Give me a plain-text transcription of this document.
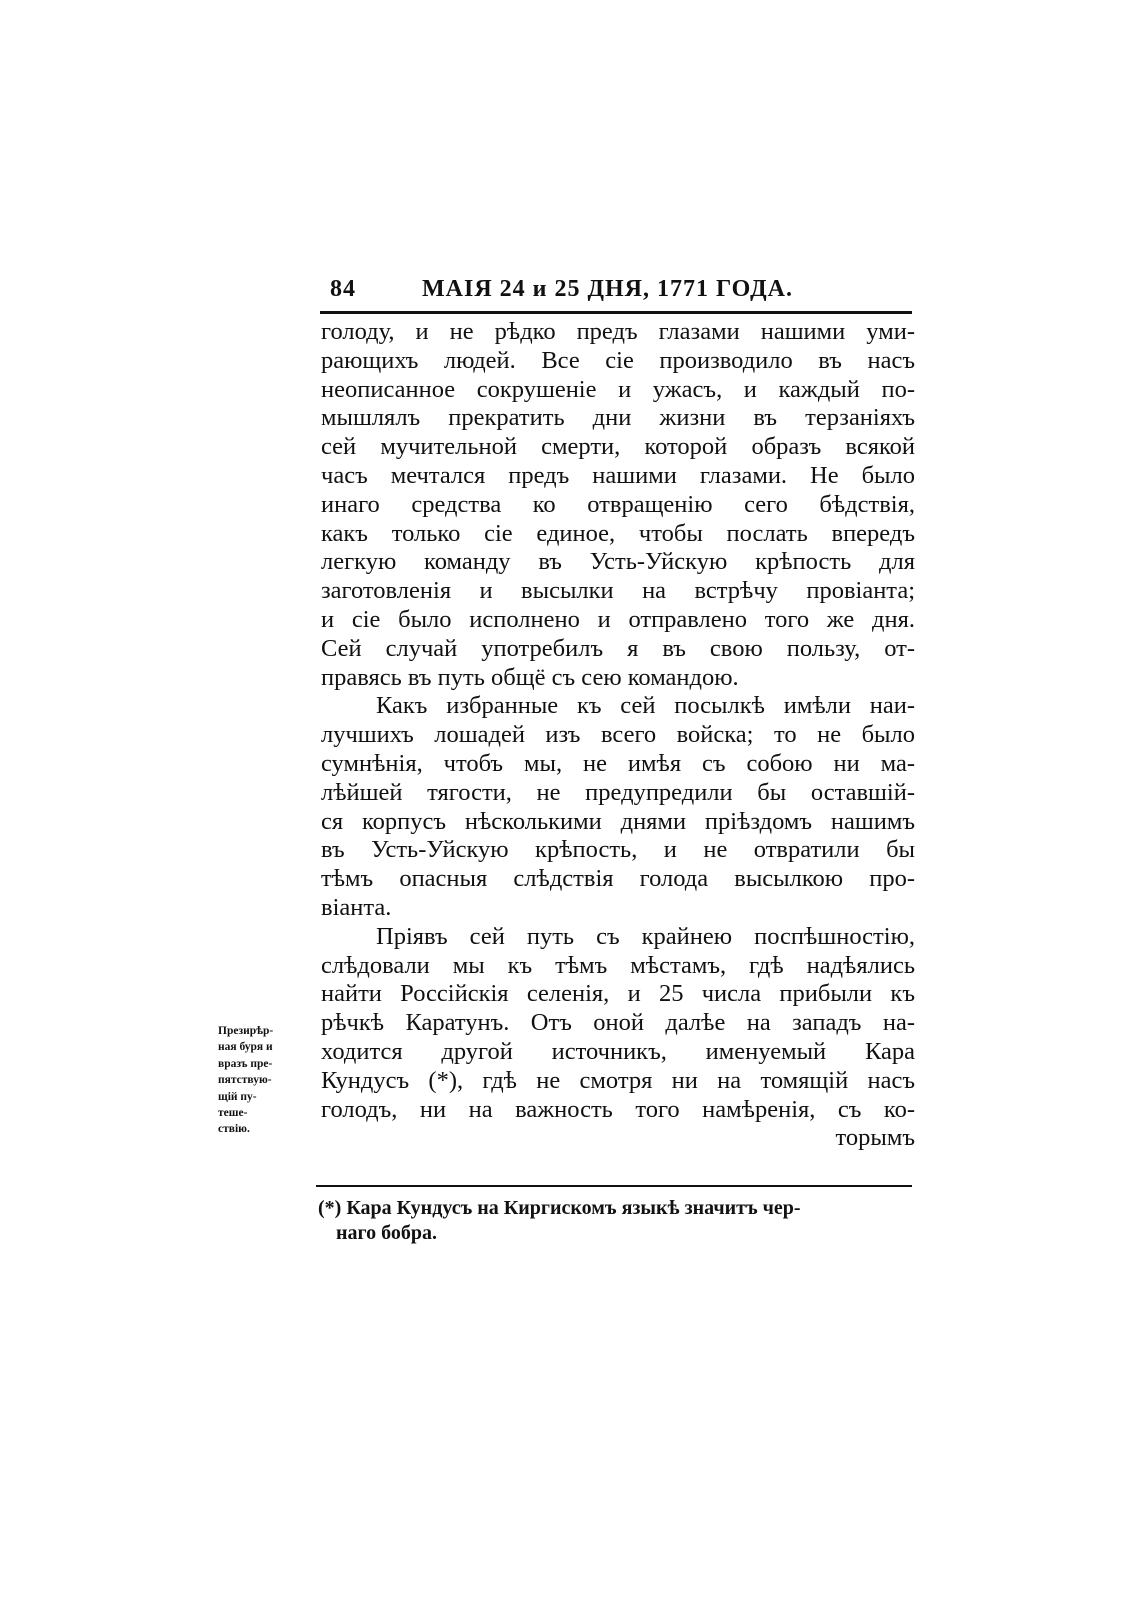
84	МАІЯ 24 и 25 ДНЯ, 1771 ГОДА.
голоду, и не рѣдко предъ глазами нашими уми-
рающихъ людей. Все сіе производило въ насъ
неописанное сокрушеніе и ужасъ, и каждый по-
мышлялъ прекратить дни жизни въ терзаніяхъ
сей мучительной смерти, которой образъ всякой
часъ мечтался предъ нашими глазами. Не было
инаго средства ко отвращенію сего бѣдствія,
какъ только сіе единое, чтобы послать впередъ
легкую команду въ Усть-Уйскую крѣпость для
заготовленія и высылки на встрѣчу провіанта;
и сіе было исполнено и отправлено того же дня.
Сей случай употребилъ я въ свою пользу, от-
правясь въ путь общё съ сею командою.
Какъ избранные къ сей посылкѣ имѣли наи-
лучшихъ лошадей изъ всего войска; то не было
сумнѣнія, чтобъ мы, не имѣя съ собою ни ма-
лѣйшей тягости, не предупредили бы оставшій-
ся корпусъ нѣсколькими днями пріѣздомъ нашимъ
въ Усть-Уйскую крѣпость, и не отвратили бы
тѣмъ опасныя слѣдствія голода высылкою про-
віанта.
Пріявъ сей путь съ крайнею поспѣшностію,
слѣдовали мы къ тѣмъ мѣстамъ, гдѣ надѣялись
найти Россійскія селенія, и 25 числа прибыли къ
рѣчкѣ Каратунъ. Отъ оной далѣе на западъ на-
ходится другой источникъ, именуемый Кара
Кундусъ (*), гдѣ не смотря ни на томящій насъ
голодъ, ни на важность того намѣренія, съ ко-
торымъ
Презирѣр-
ная буря и
вразъ пре-
пятствую-
щій пу-
теше-
ствію.
(*) Кара Кундусъ на Киргискомъ языкѣ значитъ чер-
наго бобра.
